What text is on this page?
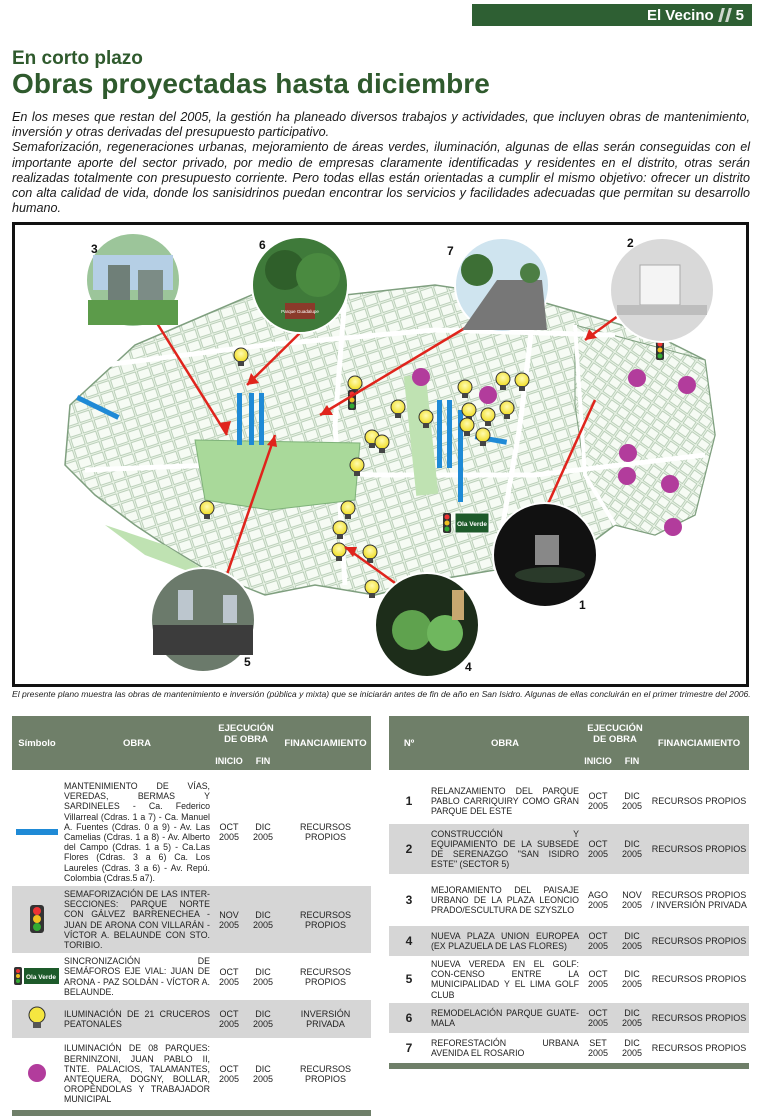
El Vecino 5
En corto plazo
Obras proyectadas hasta diciembre

En los meses que restan del 2005, la gestión ha planeado diversos trabajos y actividades, que incluyen obras de mantenimiento, inversión y otras derivadas del presupuesto participativo.

Semaforización, regeneraciones urbanas, mejoramiento de áreas verdes, iluminación, algunas de ellas serán conseguidas con el importante aporte del sector privado, por medio de empresas claramente identificadas y residentes en el distrito, otras serán realizadas totalmente con presupuesto corriente. Pero todas ellas están orientadas a cumplir el mismo objetivo: ofrecer un distrito con alta calidad de vida, donde los sanisidrinos puedan encontrar los servicios y facilidades adecuadas que permitan su desarrollo humano.

Ola Verde
Parque Guadalupe
3	6	7
2
1
5	4
El presente plano muestra las obras de mantenimiento e inversión (pública y mixta) que se iniciarán antes de fin de año en San Isidro. Algunas de ellas concluirán en el primer trimestre del 2006.
Símbolo	OBRA	EJECUCIÓN DE OBRA		FINANCIAMIENTO
		INICIO	FIN	

	MANTENIMIENTO DE VÍAS, VEREDAS, BERMAS Y SARDINELES - Ca. Federico Villarreal (Cdras. 1 a 7) - Ca. Manuel A. Fuentes (Cdras. 0 a 9) - Av. Las Camelias (Cdras. 1 a 8) - Av. Alberto del Campo (Cdras. 1 a 5) - Ca.Las Flores (Cdras. 3 a 6) Ca. Los Laureles (Cdras. 3 a 6) - Av. Repú. Colombia (Cdras.5 a7).	OCT 2005	DIC 2005	RECURSOS PROPIOS

	SEMAFORIZACIÓN DE LAS INTER-SECCIONES: PARQUE NORTE CON GÁLVEZ BARRENECHEA - JUAN DE ARONA CON VILLARÁN - VÍCTOR A. BELAUNDE CON STO. TORIBIO.	NOV 2005	DIC 2005	RECURSOS PROPIOS

Ola Verde	SINCRONIZACIÓN DE SEMÁFOROS EJE VIAL: JUAN DE ARONA - PAZ SOLDÁN - VÍCTOR A. BELAUNDE.	OCT 2005	DIC 2005	RECURSOS PROPIOS
	ILUMINACIÓN DE 21 CRUCEROS PEATONALES	OCT 2005	DIC 2005	INVERSIÓN PRIVADA
	ILUMINACIÓN DE 08 PARQUES: BERNINZONI, JUAN PABLO II, TNTE. PALACIOS, TALAMANTES, ANTEQUERA, DOGNY, BOLLAR, OROPÉNDOLAS Y TRABAJADOR MUNICIPAL	OCT 2005	DIC 2005	RECURSOS PROPIOS

Nº	OBRA	EJECUCIÓN DE OBRA		FINANCIAMIENTO
		INICIO	FIN	

1	RELANZAMIENTO DEL PARQUE PABLO CARRIQUIRY COMO GRAN PARQUE DEL ESTE	OCT 2005	DIC 2005	RECURSOS PROPIOS
2	CONSTRUCCIÓN Y EQUIPAMIENTO DE LA SUBSEDE DE SERENAZGO "SAN ISIDRO ESTE" (SECTOR 5)	OCT 2005	DIC 2005	RECURSOS PROPIOS
3	MEJORAMIENTO DEL PAISAJE URBANO DE LA PLAZA LEONCIO PRADO/ESCULTURA DE SZYSZLO	AGO 2005	NOV 2005	RECURSOS PROPIOS / INVERSIÓN PRIVADA
4	NUEVA PLAZA UNION EUROPEA (EX PLAZUELA DE LAS FLORES)	OCT 2005	DIC 2005	RECURSOS PROPIOS
5	NUEVA VEREDA EN EL GOLF: CON-CENSO ENTRE LA MUNICIPALIDAD Y EL LIMA GOLF CLUB	OCT 2005	DIC 2005	RECURSOS PROPIOS
6	REMODELACIÓN PARQUE GUATE-MALA	OCT 2005	DIC 2005	RECURSOS PROPIOS
7	REFORESTACIÓN URBANA AVENIDA EL ROSARIO	SET 2005	DIC 2005	RECURSOS PROPIOS
